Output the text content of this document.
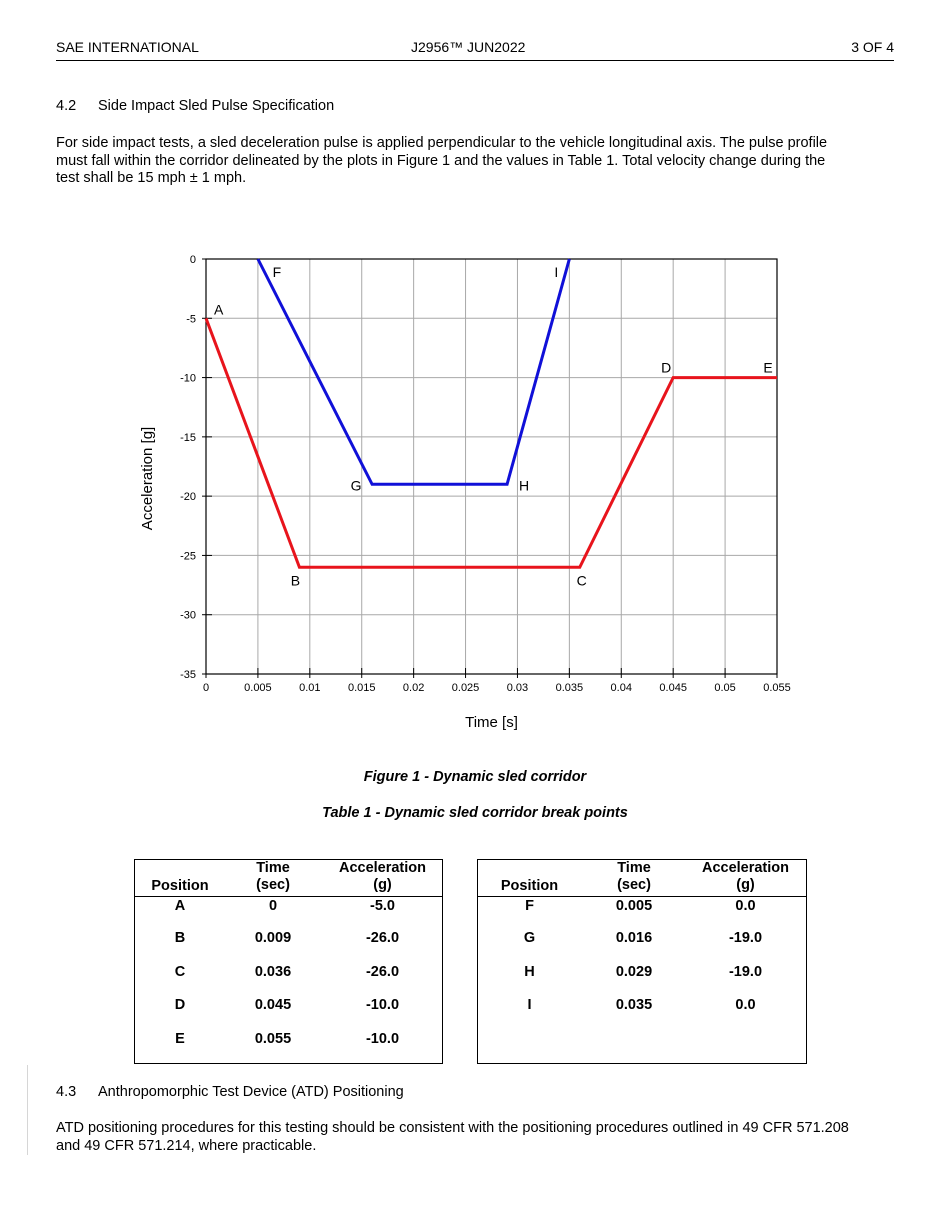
SAE INTERNATIONAL	J2956™ JUN2022	3 OF 4
4.2 Side Impact Sled Pulse Specification
For side impact tests, a sled deceleration pulse is applied perpendicular to the vehicle longitudinal axis. The pulse profile
must fall within the corridor delineated by the plots in Figure 1 and the values in Table 1. Total velocity change during the
test shall be 15 mph ± 1 mph.
0	0.005 0.01 0.015 0.02 0.025 0.03 0.035 0.04 0.045 0.05 0.055
0
-5
-10
-15
-20
-25
-30
-35
Time [s]
Acceleration [g]
A
B	C
D	E
F
G	H
I
Figure 1 - Dynamic sled corridor
Table 1 - Dynamic sled corridor break points
Position
Time
(sec)
Acceleration
(g)
A	0	-5.0
B	0.009	-26.0
C	0.036	-26.0
D	0.045	-10.0
E	0.055	-10.0
Position
Time
(sec)
Acceleration
(g)
F	0.005	0.0
G	0.016	-19.0
H	0.029	-19.0
I	0.035	0.0
4.3 Anthropomorphic Test Device (ATD) Positioning
ATD positioning procedures for this testing should be consistent with the positioning procedures outlined in 49 CFR 571.208
and 49 CFR 571.214, where practicable.
